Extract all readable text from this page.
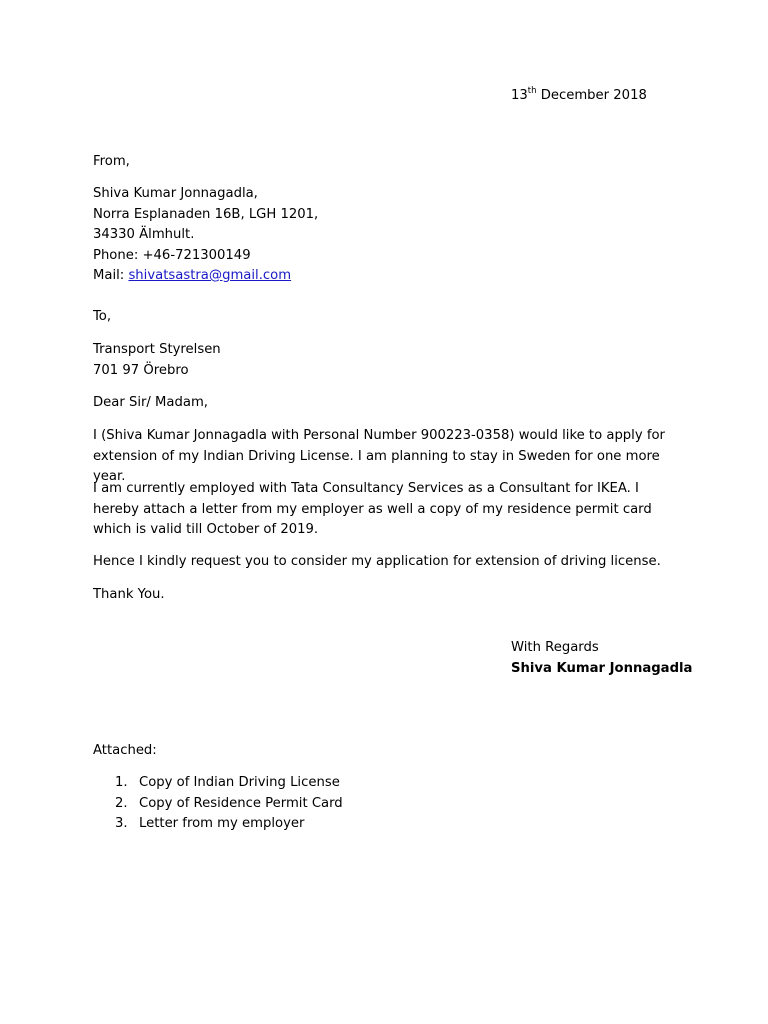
13th December 2018
From,
Shiva Kumar Jonnagadla,
Norra Esplanaden 16B, LGH 1201,
34330 Älmhult.
Phone: +46-721300149
Mail: shivatsastra@gmail.com
To,
Transport Styrelsen
701 97 Örebro
Dear Sir/ Madam,
I (Shiva Kumar Jonnagadla with Personal Number 900223-0358) would like to apply for extension of my Indian Driving License. I am planning to stay in Sweden for one more year.
I am currently employed with Tata Consultancy Services as a Consultant for IKEA. I hereby attach a letter from my employer as well a copy of my residence permit card which is valid till October of 2019.
Hence I kindly request you to consider my application for extension of driving license.
Thank You.
With Regards
Shiva Kumar Jonnagadla
Attached:
1. Copy of Indian Driving License
2. Copy of Residence Permit Card
3. Letter from my employer
